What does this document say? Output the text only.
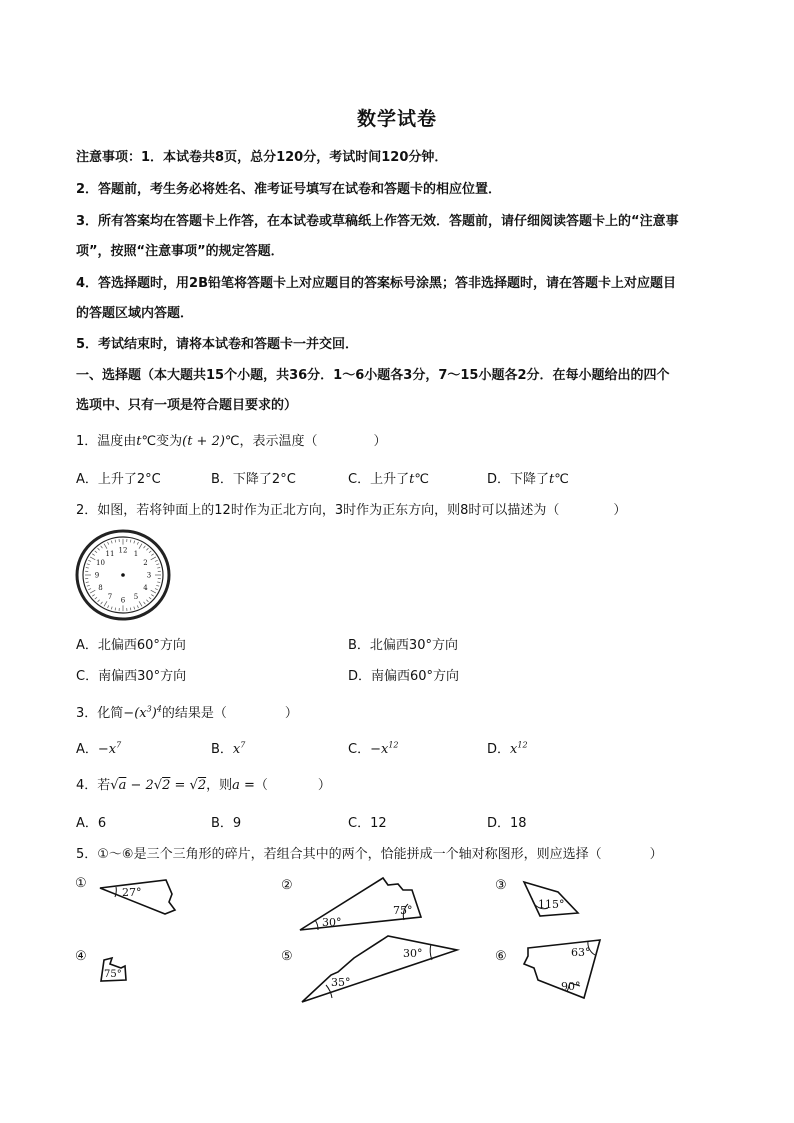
数学试卷
注意事项：1．本试卷共8页，总分120分，考试时间120分钟．
2．答题前，考生务必将姓名、准考证号填写在试卷和答题卡的相应位置．
3．所有答案均在答题卡上作答，在本试卷或草稿纸上作答无效．答题前，请仔细阅读答题卡上的“注意事
项”，按照“注意事项”的规定答题．
4．答选择题时，用2B铅笔将答题卡上对应题目的答案标号涂黑；答非选择题时，请在答题卡上对应题目
的答题区域内答题．
5．考试结束时，请将本试卷和答题卡一并交回．
一、选择题（本大题共15个小题，共36分．1～6小题各3分，7～15小题各2分．在每小题给出的四个
选项中、只有一项是符合题目要求的）
1．温度由t℃变为(t + 2)℃，表示温度（	）
A．上升了2°C	B．下降了2°C	C．上升了t℃	D．下降了t℃
2．如图，若将钟面上的12时作为正北方向，3时作为正东方向，则8时可以描述为（	）
12 1
2
3
4
5
6
7
8
9
10
11
A．北偏西60°方向	B．北偏西30°方向
C．南偏西30°方向	D．南偏西60°方向
3．化简$-(x^3)^4$的结果是（	）
A．$-x^7$	B．$x^7$	C．$-x^{12}$	D．$x^{12}$
4．若√a − 2√2 = √2，则a =（	）
A．6	B．9	C．12	D．18
5．①～⑥是三个三角形的碎片，若组合其中的两个，恰能拼成一个轴对称图形，则应选择（	）
①	②	③
④	⑤	⑥
27°
30°
75°	115°
75°
30°
35°
63°
90°
